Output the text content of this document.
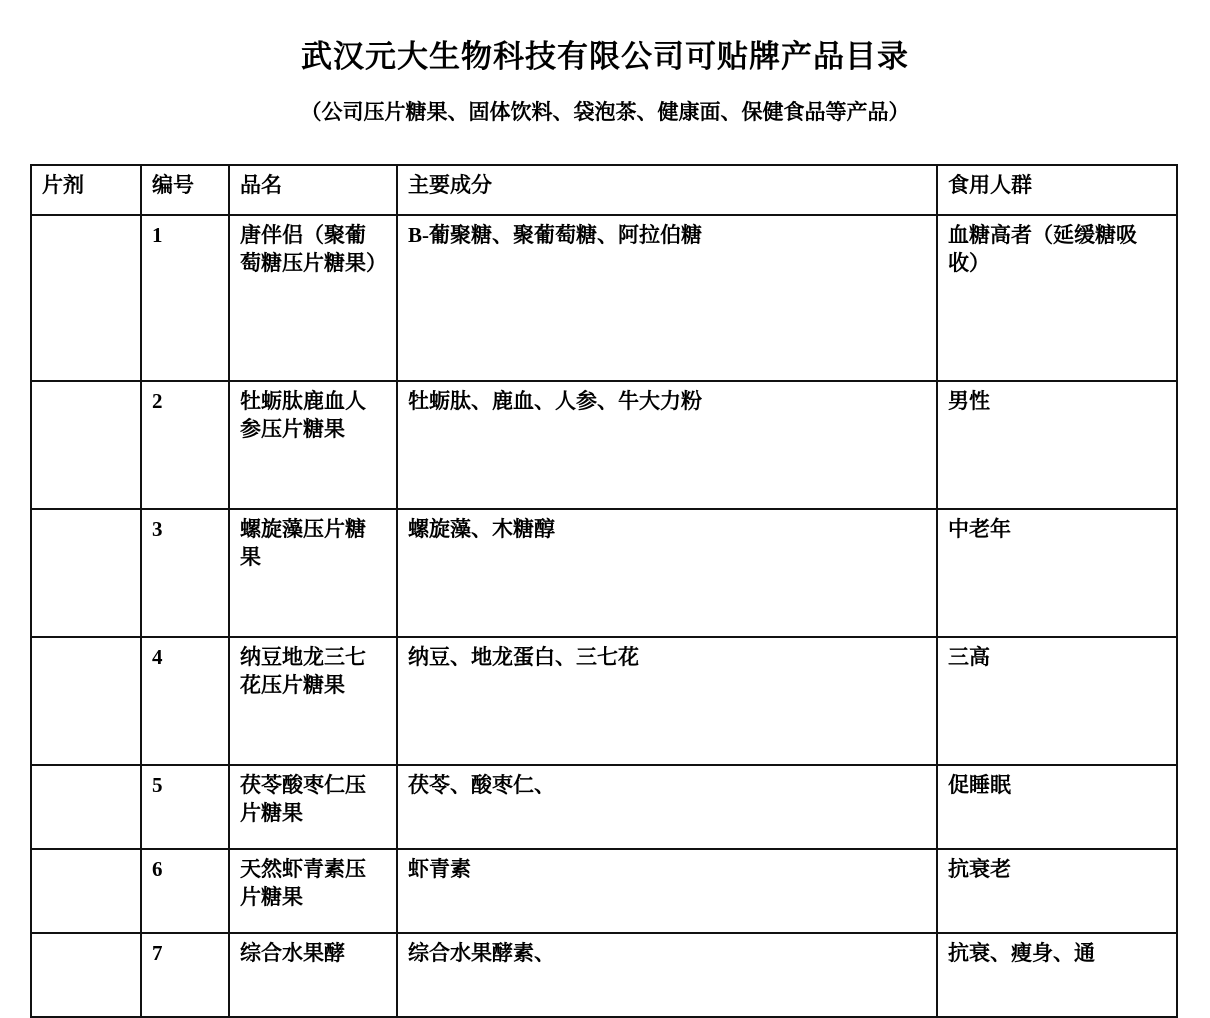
武汉元大生物科技有限公司可贴牌产品目录
（公司压片糖果、固体饮料、袋泡茶、健康面、保健食品等产品）
片剂	编号	品名	主要成分	食用人群
	1	唐伴侣（聚葡萄糖压片糖果）	B-葡聚糖、聚葡萄糖、阿拉伯糖	血糖高者（延缓糖吸收）
	2	牡蛎肽鹿血人参压片糖果	牡蛎肽、鹿血、人参、牛大力粉	男性
	3	螺旋藻压片糖果	螺旋藻、木糖醇	中老年
	4	纳豆地龙三七花压片糖果	纳豆、地龙蛋白、三七花	三高
	5	茯苓酸枣仁压片糖果	茯苓、酸枣仁、	促睡眠
	6	天然虾青素压片糖果	虾青素	抗衰老
	7	综合水果酵	综合水果酵素、	抗衰、瘦身、通
